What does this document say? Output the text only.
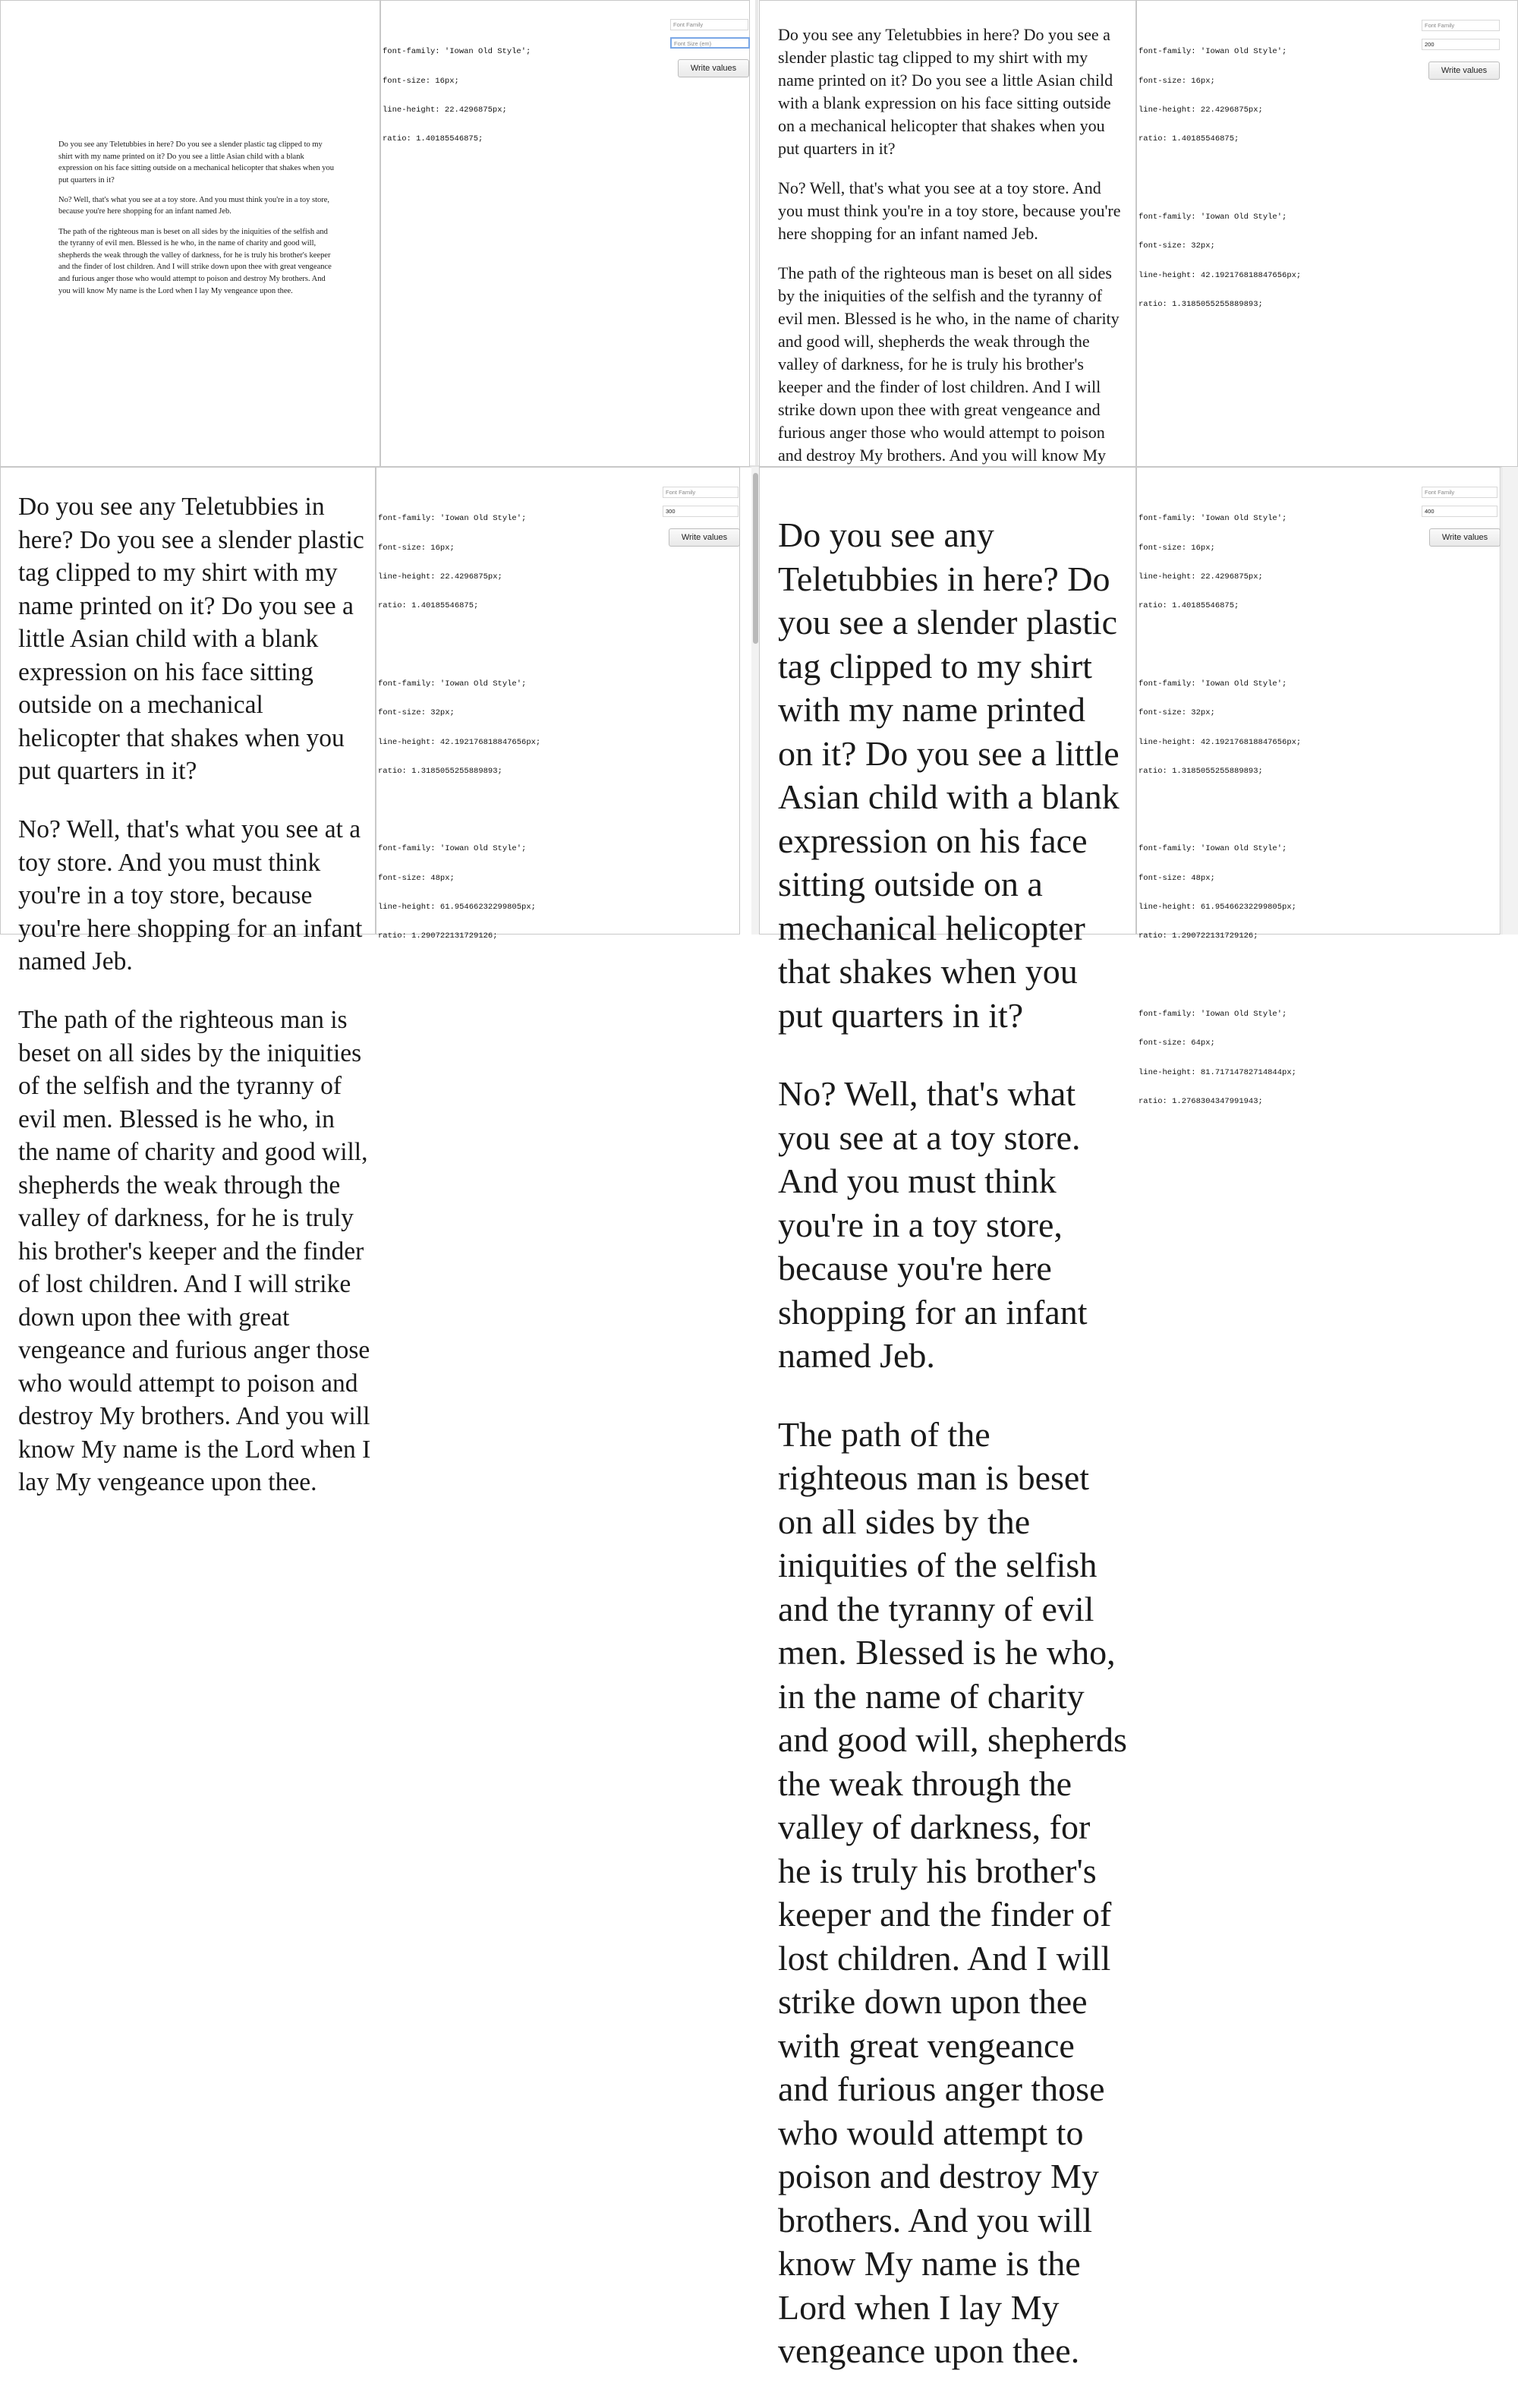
Do you see any Teletubbies in here? Do you see a slender plastic tag clipped to my shirt with my name printed on it? Do you see a little Asian child with a blank expression on his face sitting outside on a mechanical helicopter that shakes when you put quarters in it?

No? Well, that's what you see at a toy store. And you must think you're in a toy store, because you're here shopping for an infant named Jeb.

The path of the righteous man is beset on all sides by the iniquities of the selfish and the tyranny of evil men. Blessed is he who, in the name of charity and good will, shepherds the weak through the valley of darkness, for he is truly his brother's keeper and the finder of lost children. And I will strike down upon thee with great vengeance and furious anger those who would attempt to poison and destroy My brothers. And you will know My name is the Lord when I lay My vengeance upon thee.

font-family: 'Iowan Old Style';

font-size: 16px;

line-height: 22.4296875px;

ratio: 1.40185546875;

Font Family
Font Size (em)
Write values

Do you see any Teletubbies in here? Do you see a slender plastic tag clipped to my shirt with my name printed on it? Do you see a little Asian child with a blank expression on his face sitting outside on a mechanical helicopter that shakes when you put quarters in it?

No? Well, that's what you see at a toy store. And you must think you're in a toy store, because you're here shopping for an infant named Jeb.

The path of the righteous man is beset on all sides by the iniquities of the selfish and the tyranny of evil men. Blessed is he who, in the name of charity and good will, shepherds the weak through the valley of darkness, for he is truly his brother's keeper and the finder of lost children. And I will strike down upon thee with great vengeance and furious anger those who would attempt to poison and destroy My brothers. And you will know My

font-family: 'Iowan Old Style';

font-size: 16px;

line-height: 22.4296875px;

ratio: 1.40185546875;

font-family: 'Iowan Old Style';

font-size: 32px;

line-height: 42.192176818847656px;

ratio: 1.3185055255889893;

Font Family
200
Write values

Do you see any Teletubbies in here? Do you see a slender plastic tag clipped to my shirt with my name printed on it? Do you see a little Asian child with a blank expression on his face sitting outside on a mechanical helicopter that shakes when you put quarters in it?

No? Well, that's what you see at a toy store. And you must think you're in a toy store, because you're here shopping for an infant named Jeb.

The path of the righteous man is beset on all sides by the iniquities of the selfish and the tyranny of evil men. Blessed is he who, in the name of charity and good will, shepherds the weak through the valley of darkness, for he is truly his brother's keeper and the finder of lost children. And I will strike down upon thee with great vengeance and furious anger those who would attempt to poison and destroy My brothers. And you will know My name is the Lord when I lay My vengeance upon thee.

font-family: 'Iowan Old Style';

font-size: 16px;

line-height: 22.4296875px;

ratio: 1.40185546875;

font-family: 'Iowan Old Style';

font-size: 32px;

line-height: 42.192176818847656px;

ratio: 1.3185055255889893;

font-family: 'Iowan Old Style';

font-size: 48px;

line-height: 61.95466232299805px;

ratio: 1.290722131729126;

Font Family
300
Write values	Do you see any Teletubbies in here? Do you see a slender plastic tag clipped to my shirt with my name printed on it? Do you see a little Asian child with a blank expression on his face sitting outside on a mechanical helicopter that shakes when you put quarters in it?

No? Well, that's what you see at a toy store. And you must think you're in a toy store, because you're here shopping for an infant named Jeb.

The path of the righteous man is beset on all sides by the iniquities of the selfish and the tyranny of evil men. Blessed is he who, in the name of charity and good will, shepherds the weak through the valley of darkness, for he is truly his brother's keeper and the finder of lost children. And I will strike down upon thee with great vengeance and furious anger those who would attempt to poison and destroy My brothers. And you will know My name is the Lord when I lay My vengeance upon thee.

font-family: 'Iowan Old Style';

font-size: 16px;

line-height: 22.4296875px;

ratio: 1.40185546875;

font-family: 'Iowan Old Style';

font-size: 32px;

line-height: 42.192176818847656px;

ratio: 1.3185055255889893;

font-family: 'Iowan Old Style';

font-size: 48px;

line-height: 61.95466232299805px;

ratio: 1.290722131729126;

font-family: 'Iowan Old Style';

font-size: 64px;

line-height: 81.71714782714844px;

ratio: 1.2768304347991943;

Font Family
400
Write values
